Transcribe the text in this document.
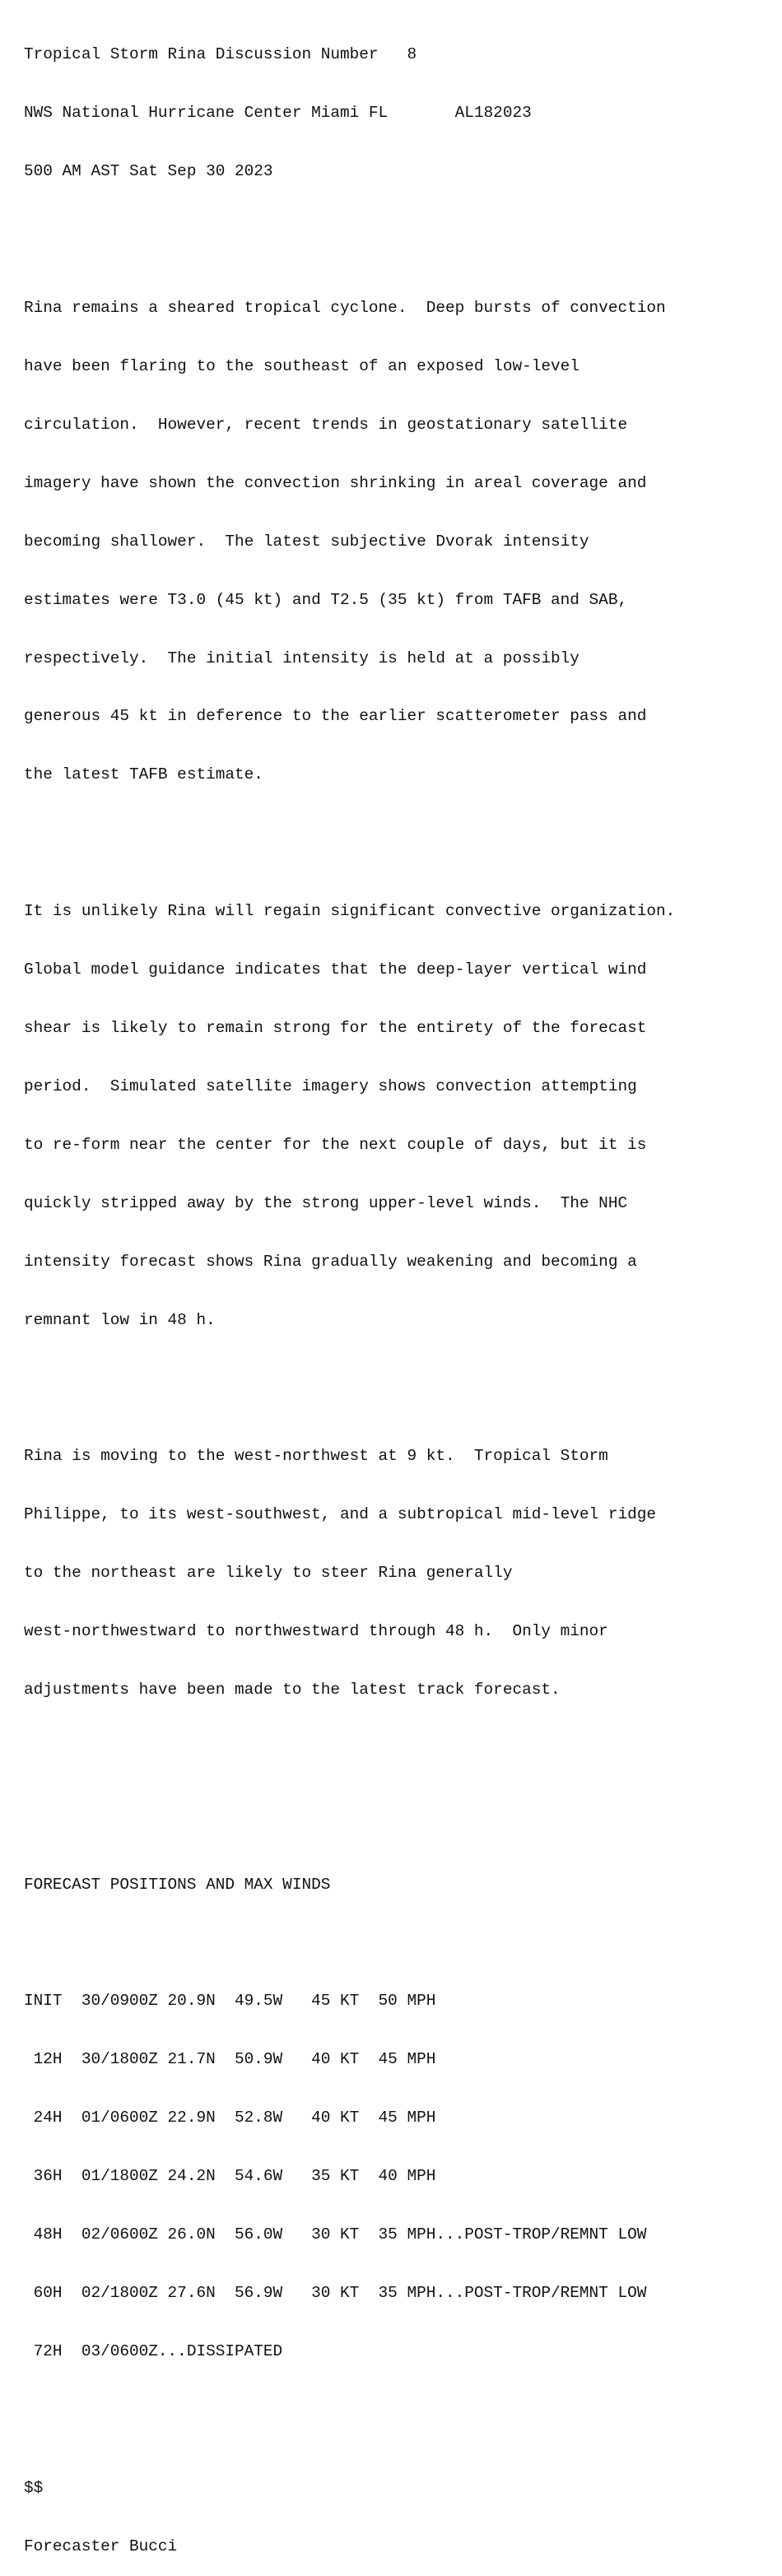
Tropical Storm Rina Discussion Number   8

NWS National Hurricane Center Miami FL       AL182023

500 AM AST Sat Sep 30 2023

Rina remains a sheared tropical cyclone.  Deep bursts of convection

have been flaring to the southeast of an exposed low-level

circulation.  However, recent trends in geostationary satellite

imagery have shown the convection shrinking in areal coverage and

becoming shallower.  The latest subjective Dvorak intensity

estimates were T3.0 (45 kt) and T2.5 (35 kt) from TAFB and SAB,

respectively.  The initial intensity is held at a possibly

generous 45 kt in deference to the earlier scatterometer pass and

the latest TAFB estimate.

It is unlikely Rina will regain significant convective organization.

Global model guidance indicates that the deep-layer vertical wind

shear is likely to remain strong for the entirety of the forecast

period.  Simulated satellite imagery shows convection attempting

to re-form near the center for the next couple of days, but it is

quickly stripped away by the strong upper-level winds.  The NHC

intensity forecast shows Rina gradually weakening and becoming a

remnant low in 48 h.

Rina is moving to the west-northwest at 9 kt.  Tropical Storm

Philippe, to its west-southwest, and a subtropical mid-level ridge

to the northeast are likely to steer Rina generally

west-northwestward to northwestward through 48 h.  Only minor

adjustments have been made to the latest track forecast.

FORECAST POSITIONS AND MAX WINDS

INIT  30/0900Z 20.9N  49.5W   45 KT  50 MPH

12H  30/1800Z 21.7N  50.9W   40 KT  45 MPH

24H  01/0600Z 22.9N  52.8W   40 KT  45 MPH

36H  01/1800Z 24.2N  54.6W   35 KT  40 MPH

48H  02/0600Z 26.0N  56.0W   30 KT  35 MPH...POST-TROP/REMNT LOW

60H  02/1800Z 27.6N  56.9W   30 KT  35 MPH...POST-TROP/REMNT LOW

72H  03/0600Z...DISSIPATED

$$

Forecaster Bucci
